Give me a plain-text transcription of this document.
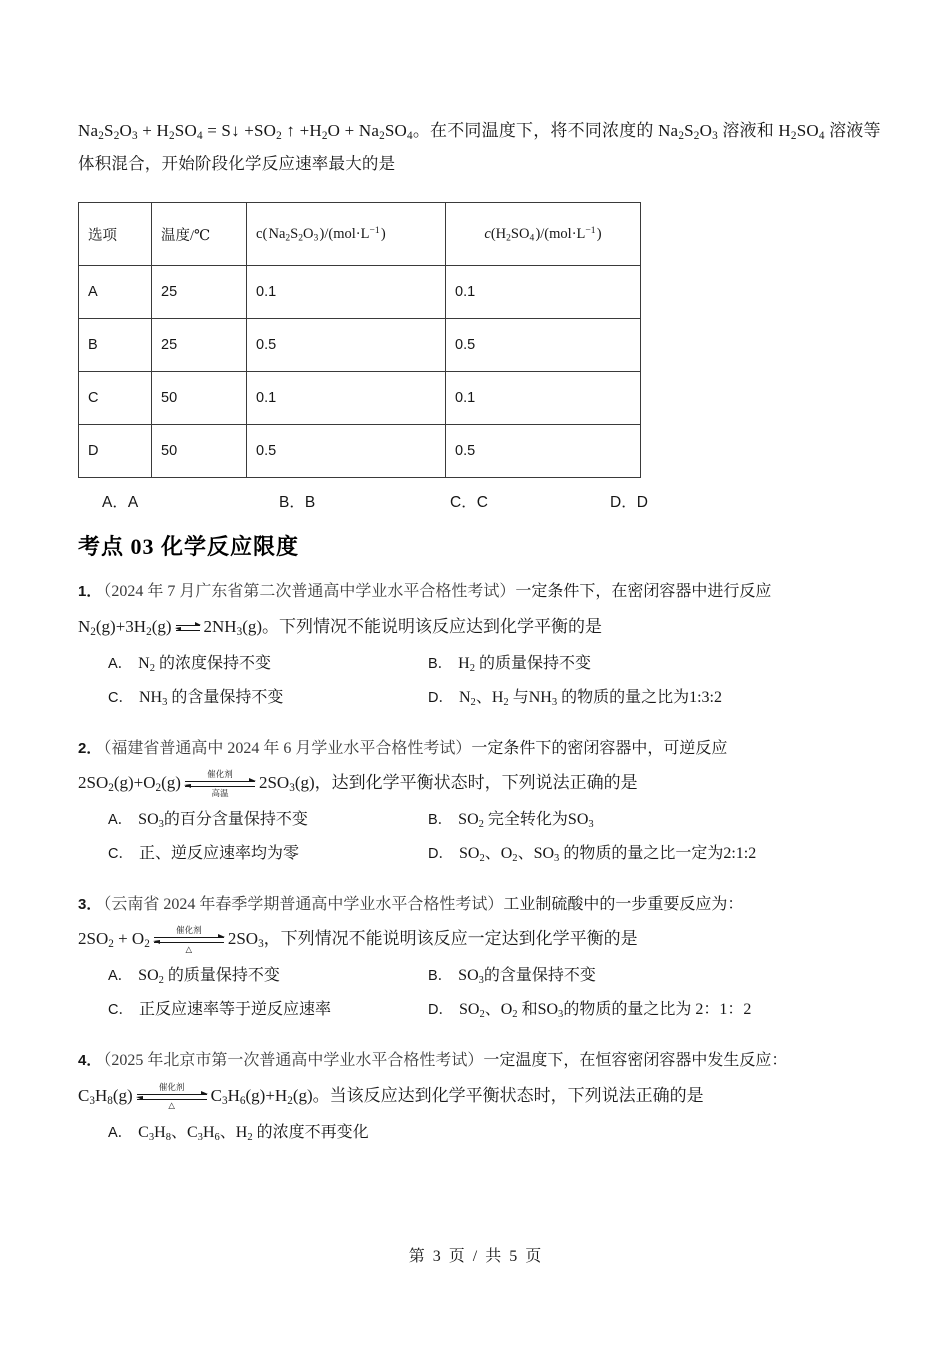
$Na_2S_2O_3 + H_2SO_4$ = S↓ $+SO_2$ ↑ $+H_2O + Na_2SO_4$。在不同温度下，将不同浓度的 $Na_2S_2O_3$ 溶液和 $H_2SO_4$ 溶液等
体积混合，开始阶段化学反应速率最大的是
选项	温度/℃	c( $Na_2S_2O_3$ )$/(mol\cdot L^{-1}$ )	$c(H_2SO_4$ )$/(mol\cdot L^{-1}$ )
A	25	0.1	0.1
B	25	0.5	0.5
C	50	0.1	0.1
D	50	0.5	0.5
A．A	B．B	C．C	D．D
考点 03 化学反应限度
1． （2024 年 7 月广东省第二次普通高中学业水平合格性考试）一定条件下，在密闭容器中进行反应
$N_2(g)+3H_2(g)$ $2NH_3(g)$。下列情况不能说明该反应达到化学平衡的是
A． $N_2$ 的浓度保持不变	B． $H_2$ 的质量保持不变
C． $NH_3$ 的含量保持不变	D． $N_2$、$H_2$ 与$NH_3$ 的物质的量之比为1:3:2
2． （福建省普通高中 2024 年 6 月学业水平合格性考试）一定条件下的密闭容器中，可逆反应
$2SO_2(g)+O_2(g)$	催化剂
高温
$2SO_3(g)$，达到化学平衡状态时，下列说法正确的是
A． $SO_3$的百分含量保持不变	B． $SO_2$ 完全转化为$SO_3$
C． 正、逆反应速率均为零	D． $SO_2$、$O_2$、$SO_3$ 的物质的量之比一定为2:1:2
3． （云南省 2024 年春季学期普通高中学业水平合格性考试）工业制硫酸中的一步重要反应为：
$2SO_2 + O_2$
催化剂
△
$2SO_3$，下列情况不能说明该反应一定达到化学平衡的是
A． $SO_2$ 的质量保持不变	B． $SO_3$的含量保持不变
C． 正反应速率等于逆反应速率	D． $SO_2$、$O_2$ 和$SO_3$的物质的量之比为 2：1：2
4． （2025 年北京市第一次普通高中学业水平合格性考试）一定温度下，在恒容密闭容器中发生反应：
$C_3H_8(g)$	催化剂
△
$C_3H_6(g)+H_2(g)$。当该反应达到化学平衡状态时，下列说法正确的是
A． $C_3H_8$、$C_3H_6$、$H_2$ 的浓度不再变化
第 3 页 / 共 5 页
